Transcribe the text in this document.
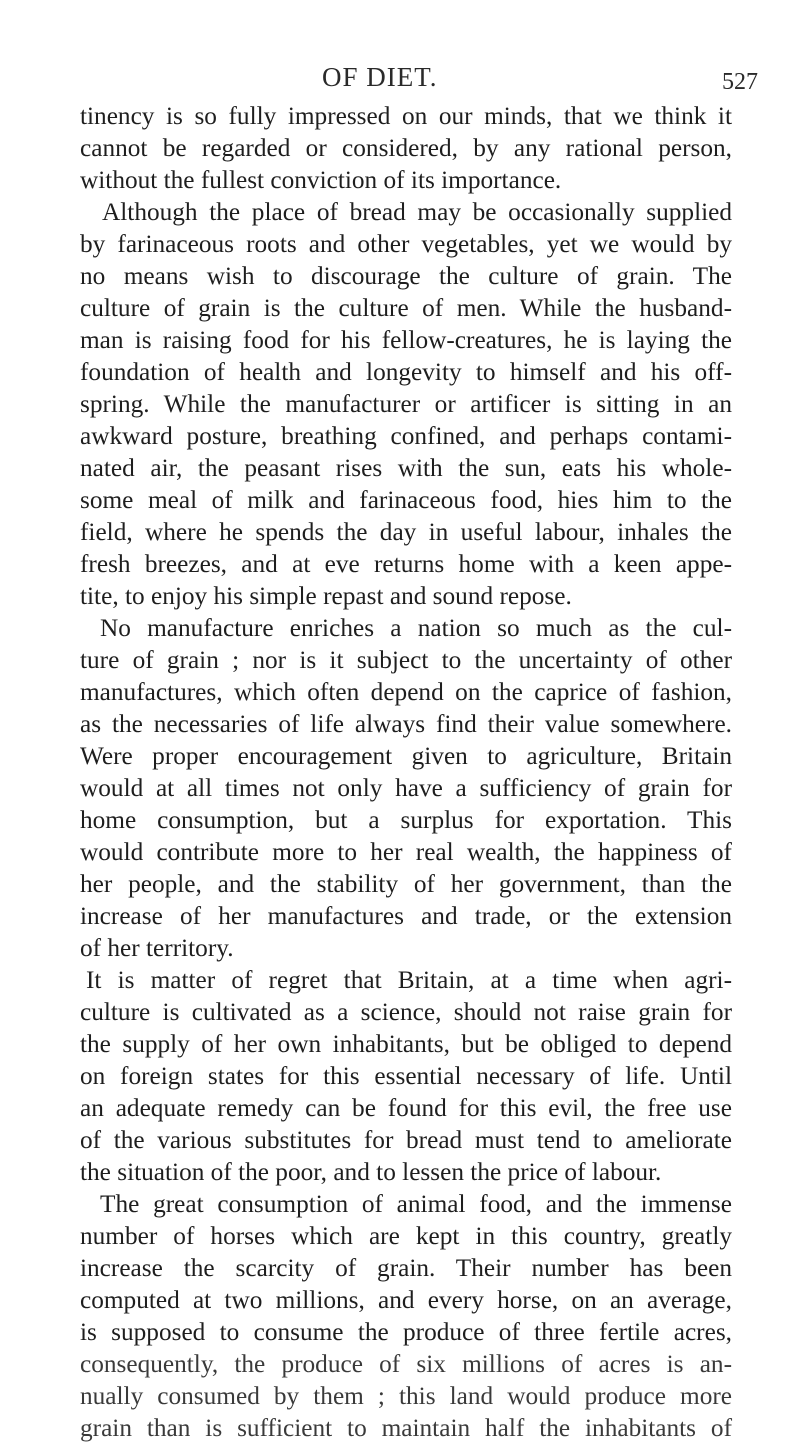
OF DIET.	527
tinency is so fully impressed on our minds, that we think it
cannot be regarded or considered, by any rational person,
without the fullest conviction of its importance.
Although the place of bread may be occasionally supplied
by farinaceous roots and other vegetables, yet we would by
no means wish to discourage the culture of grain. The
culture of grain is the culture of men. While the husband-
man is raising food for his fellow-creatures, he is laying the
foundation of health and longevity to himself and his off-
spring. While the manufacturer or artificer is sitting in an
awkward posture, breathing confined, and perhaps contami-
nated air, the peasant rises with the sun, eats his whole-
some meal of milk and farinaceous food, hies him to the
field, where he spends the day in useful labour, inhales the
fresh breezes, and at eve returns home with a keen appe-
tite, to enjoy his simple repast and sound repose.
No manufacture enriches a nation so much as the cul-
ture of grain ; nor is it subject to the uncertainty of other
manufactures, which often depend on the caprice of fashion,
as the necessaries of life always find their value somewhere.
Were proper encouragement given to agriculture, Britain
would at all times not only have a sufficiency of grain for
home consumption, but a surplus for exportation. This
would contribute more to her real wealth, the happiness of
her people, and the stability of her government, than the
increase of her manufactures and trade, or the extension
of her territory.
It is matter of regret that Britain, at a time when agri-
culture is cultivated as a science, should not raise grain for
the supply of her own inhabitants, but be obliged to depend
on foreign states for this essential necessary of life. Until
an adequate remedy can be found for this evil, the free use
of the various substitutes for bread must tend to ameliorate
the situation of the poor, and to lessen the price of labour.
The great consumption of animal food, and the immense
number of horses which are kept in this country, greatly
increase the scarcity of grain. Their number has been
computed at two millions, and every horse, on an average,
is supposed to consume the produce of three fertile acres,
consequently, the produce of six millions of acres is an-
nually consumed by them ; this land would produce more
grain than is sufficient to maintain half the inhabitants of
